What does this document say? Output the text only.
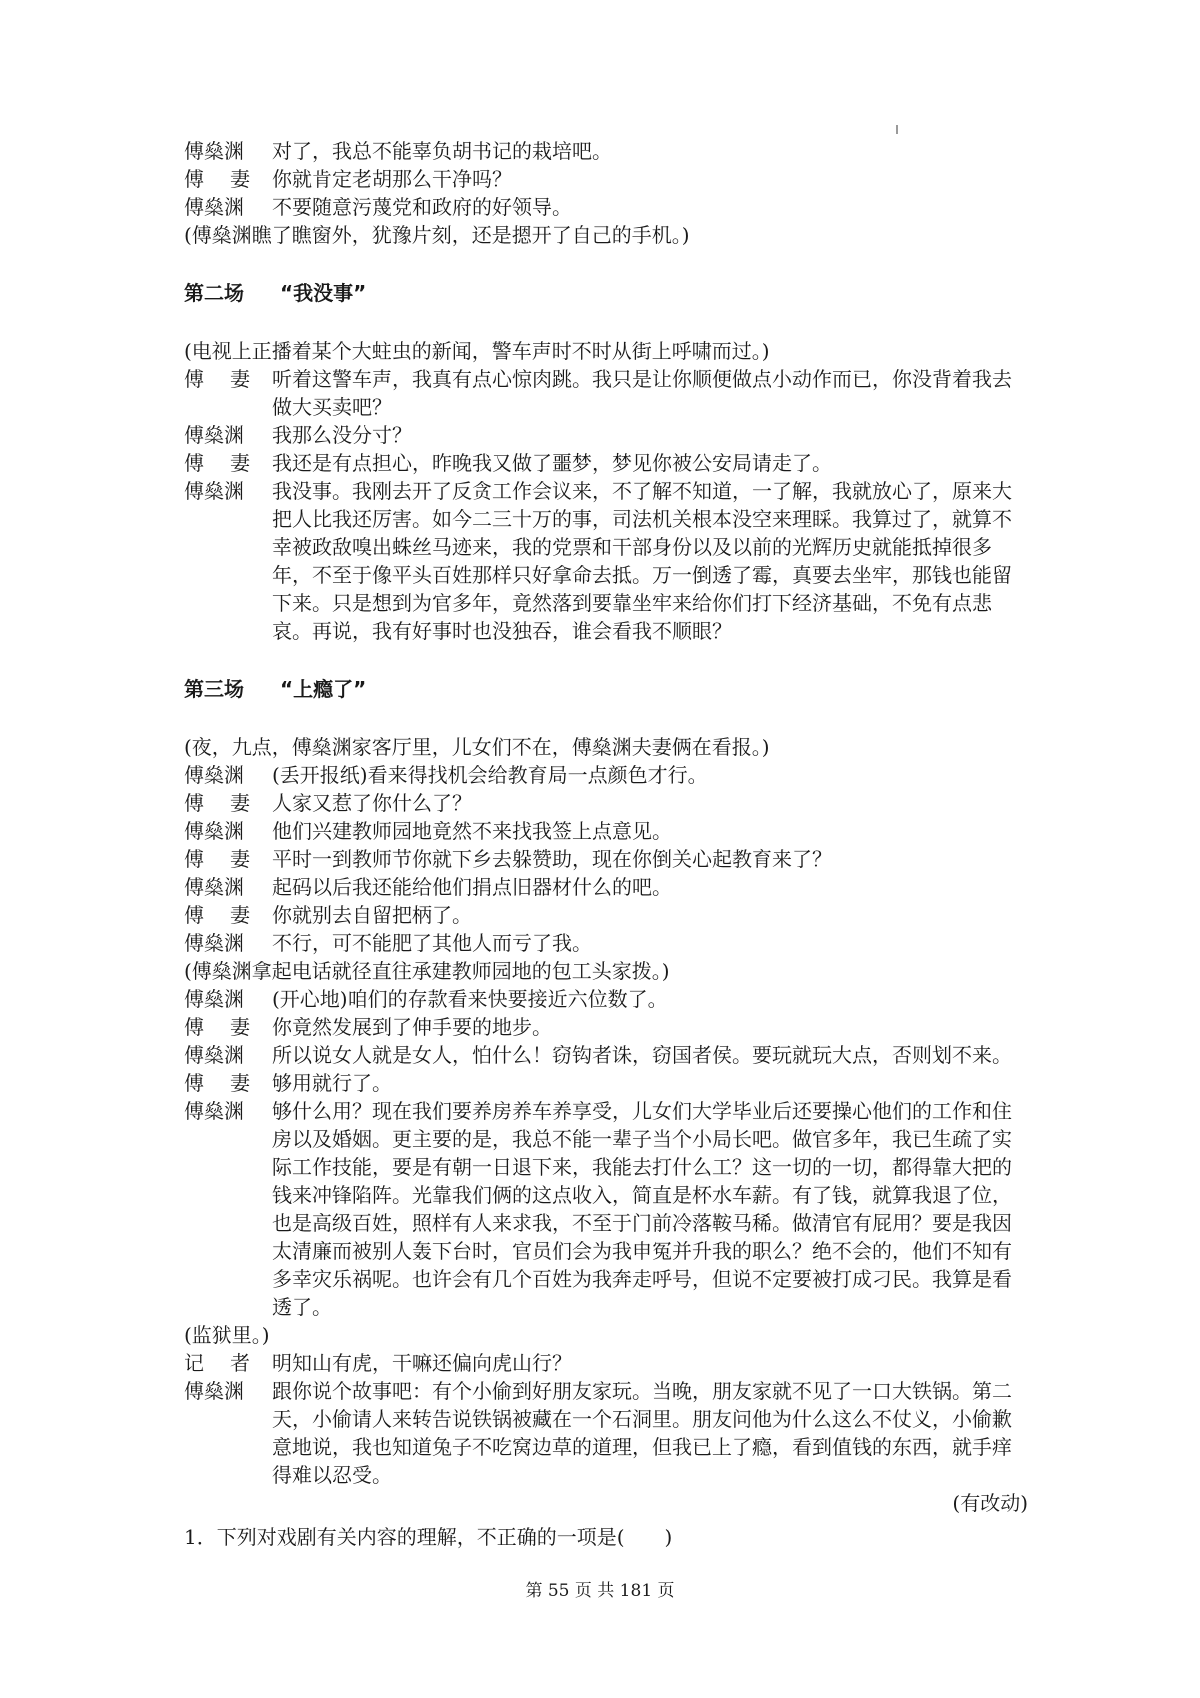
傅燊渊	对了，我总不能辜负胡书记的栽培吧。
傅 妻 你就肯定老胡那么干净吗？
傅燊渊	不要随意污蔑党和政府的好领导。
(傅燊渊瞧了瞧窗外，犹豫片刻，还是摁开了自己的手机。)
第二场	“我没事”
(电视上正播着某个大蛀虫的新闻，警车声时不时从街上呼啸而过。)
傅 妻 听着这警车声，我真有点心惊肉跳。我只是让你顺便做点小动作而已，你没背着我去做大买卖吧？
傅燊渊	我那么没分寸？
傅 妻 我还是有点担心，昨晚我又做了噩梦，梦见你被公安局请走了。
傅燊渊	我没事。我刚去开了反贪工作会议来，不了解不知道，一了解，我就放心了，原来大把人比我还厉害。如今二三十万的事，司法机关根本没空来理睬。我算过了，就算不幸被政敌嗅出蛛丝马迹来，我的党票和干部身份以及以前的光辉历史就能抵掉很多年，不至于像平头百姓那样只好拿命去抵。万一倒透了霉，真要去坐牢，那钱也能留下来。只是想到为官多年，竟然落到要靠坐牢来给你们打下经济基础，不免有点悲哀。再说，我有好事时也没独吞，谁会看我不顺眼？
第三场	“上瘾了”
(夜，九点，傅燊渊家客厅里，儿女们不在，傅燊渊夫妻俩在看报。)
傅燊渊	(丢开报纸)看来得找机会给教育局一点颜色才行。
傅 妻 人家又惹了你什么了？
傅燊渊	他们兴建教师园地竟然不来找我签上点意见。
傅 妻 平时一到教师节你就下乡去躲赞助，现在你倒关心起教育来了？
傅燊渊	起码以后我还能给他们捐点旧器材什么的吧。
傅 妻 你就别去自留把柄了。
傅燊渊	不行，可不能肥了其他人而亏了我。
(傅燊渊拿起电话就径直往承建教师园地的包工头家拨。)
傅燊渊	(开心地)咱们的存款看来快要接近六位数了。
傅 妻 你竟然发展到了伸手要的地步。
傅燊渊	所以说女人就是女人，怕什么！窃钩者诛，窃国者侯。要玩就玩大点，否则划不来。
傅 妻 够用就行了。
傅燊渊	够什么用？现在我们要养房养车养享受，儿女们大学毕业后还要操心他们的工作和住房以及婚姻。更主要的是，我总不能一辈子当个小局长吧。做官多年，我已生疏了实际工作技能，要是有朝一日退下来，我能去打什么工？这一切的一切，都得靠大把的钱来冲锋陷阵。光靠我们俩的这点收入，简直是杯水车薪。有了钱，就算我退了位，也是高级百姓，照样有人来求我，不至于门前冷落鞍马稀。做清官有屁用？要是我因太清廉而被别人轰下台时，官员们会为我申冤并升我的职么？绝不会的，他们不知有多幸灾乐祸呢。也许会有几个百姓为我奔走呼号，但说不定要被打成刁民。我算是看透了。
(监狱里。)
记 者 明知山有虎，干嘛还偏向虎山行？
傅燊渊	跟你说个故事吧：有个小偷到好朋友家玩。当晚，朋友家就不见了一口大铁锅。第二天，小偷请人来转告说铁锅被藏在一个石洞里。朋友问他为什么这么不仗义，小偷歉意地说，我也知道兔子不吃窝边草的道理，但我已上了瘾，看到值钱的东西，就手痒得难以忍受。
(有改动)
1．下列对戏剧有关内容的理解，不正确的一项是(　　)
第 55 页 共 181 页
